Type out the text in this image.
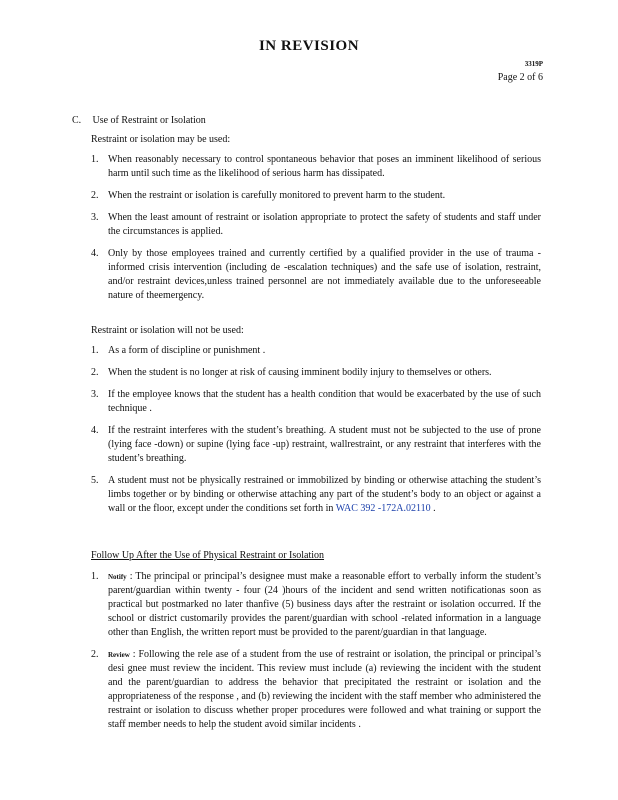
IN REVISION
3319P
Page 2 of 6
C. Use of Restraint or Isolation
Restraint or isolation may be used:
1. When reasonably necessary to control spontaneous behavior that poses an imminent likelihood of serious harm until such time as the likelihood of serious harm has dissipated.
2. When the restraint or isolation is carefully monitored to prevent harm to the student.
3. When the least amount of restraint or isolation appropriate to protect the safety of students and staff under the circumstances is applied.
4. Only by those employees trained and currently certified by a qualified provider in the use of trauma - informed crisis intervention (including de -escalation techniques) and the safe use of isolation, restraint, and/or restraint devices,unless trained personnel are not immediately available due to the unforeseeable nature of theemergency.
Restraint or isolation will not be used:
1. As a form of discipline or punishment .
2. When the student is no longer at risk of causing imminent bodily injury to themselves or others.
3. If the employee knows that the student has a health condition that would be exacerbated by the use of such technique .
4. If the restraint interferes with the student’s breathing. A student must not be subjected to the use of prone (lying face -down) or supine (lying face -up) restraint, wallrestraint, or any restraint that interferes with the student’s breathing.
5. A student must not be physically restrained or immobilized by binding or otherwise attaching the student’s limbs together or by binding or otherwise attaching any part of the student’s body to an object or against a wall or the floor, except under the conditions set forth in WAC 392 -172A.02110 .
Follow Up After the Use of Physical Restraint or Isolation
1. Notify : The principal or principal’s designee must make a reasonable effort to verbally inform the student’s parent/guardian within twenty - four (24 )hours of the incident and send written notificationas soon as practical but postmarked no later thanfive (5) business days after the restraint or isolation occurred. If the school or district customarily provides the parent/guardian with school -related information in a language other than English, the written report must be provided to the parent/guardian in that language.
2. Review : Following the rele ase of a student from the use of restraint or isolation, the principal or principal’s desi gnee must review the incident. This review must include (a) reviewing the incident with the student and the parent/guardian to address the behavior that precipitated the restraint or isolation and the appropriateness of the response , and (b) reviewing the incident with the staff member who administered the restraint or isolation to discuss whether proper procedures were followed and what training or support the staff member needs to help the student avoid similar incidents .
